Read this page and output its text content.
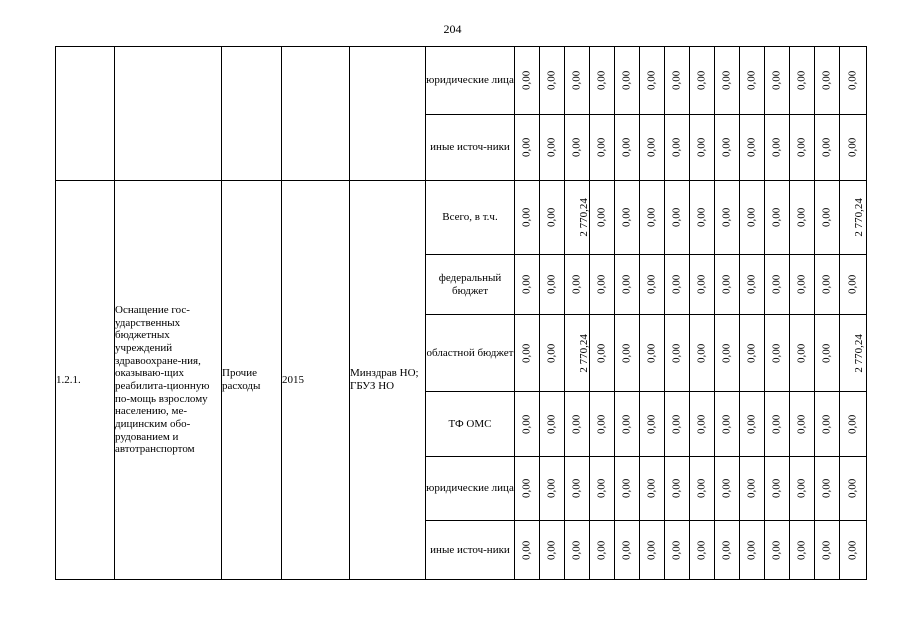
204
					юридические лица	0,00	0,00	0,00	0,00	0,00	0,00	0,00	0,00	0,00	0,00	0,00	0,00	0,00	0,00
					иные источ-ники	0,00	0,00	0,00	0,00	0,00	0,00	0,00	0,00	0,00	0,00	0,00	0,00	0,00	0,00
1.2.1.	Оснащение гос-ударственных бюджетных учреждений здравоохране-ния, оказываю-щих реабилита-ционную по-мощь взрослому населению, ме-дицинским обо-рудованием и автотранспортом	Прочие расходы	2015	Минздрав НО; ГБУЗ НО	Всего, в т.ч.	0,00	0,00	2 770,24	0,00	0,00	0,00	0,00	0,00	0,00	0,00	0,00	0,00	0,00	2 770,24
					федеральный бюджет	0,00	0,00	0,00	0,00	0,00	0,00	0,00	0,00	0,00	0,00	0,00	0,00	0,00	0,00
					областной бюджет	0,00	0,00	2 770,24	0,00	0,00	0,00	0,00	0,00	0,00	0,00	0,00	0,00	0,00	2 770,24
					ТФ ОМС	0,00	0,00	0,00	0,00	0,00	0,00	0,00	0,00	0,00	0,00	0,00	0,00	0,00	0,00
					юридические лица	0,00	0,00	0,00	0,00	0,00	0,00	0,00	0,00	0,00	0,00	0,00	0,00	0,00	0,00
					иные источ-ники	0,00	0,00	0,00	0,00	0,00	0,00	0,00	0,00	0,00	0,00	0,00	0,00	0,00	0,00
